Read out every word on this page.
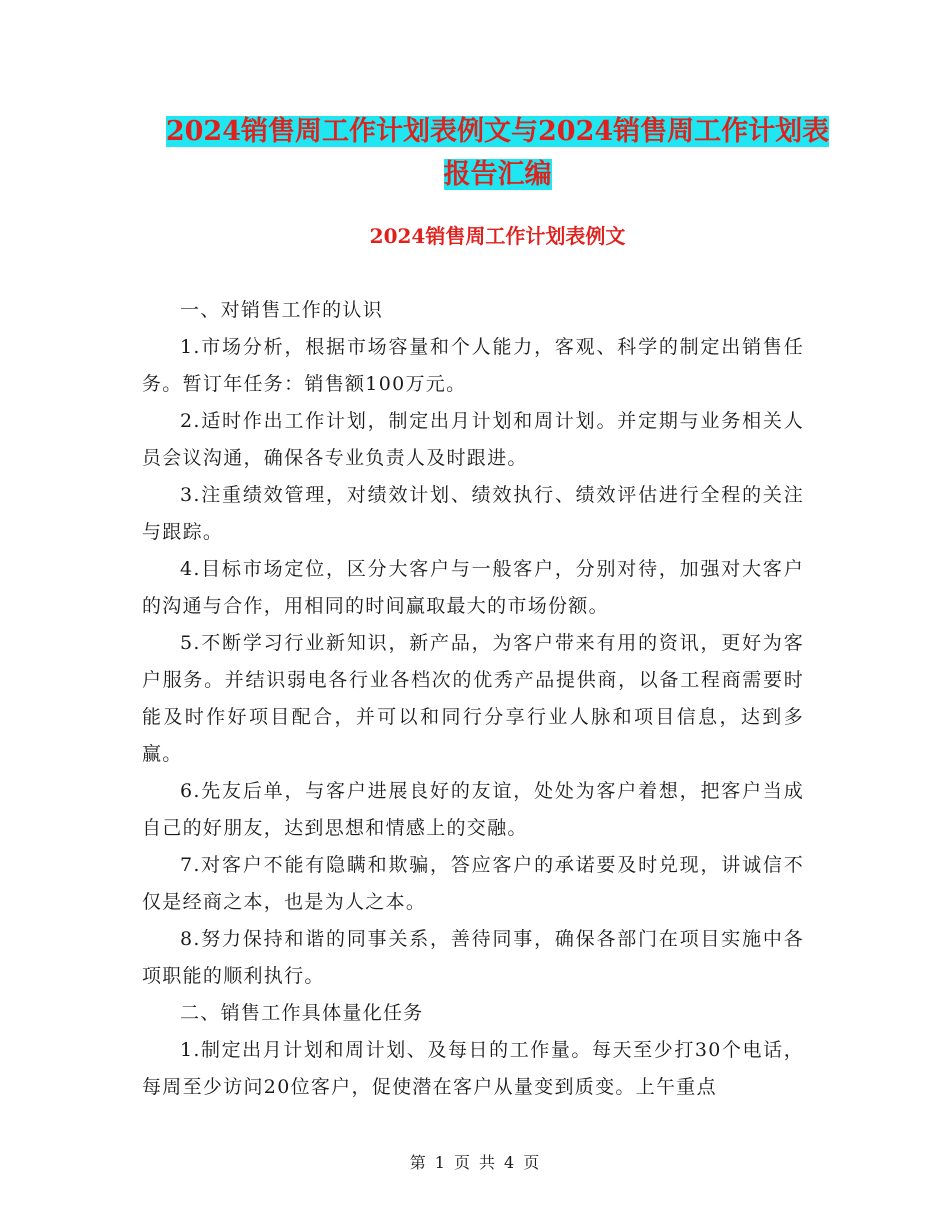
2024销售周工作计划表例文与2024销售周工作计划表
报告汇编
2024销售周工作计划表例文

一、对销售工作的认识

1.市场分析，根据市场容量和个人能力，客观、科学的制定出销售任务。暂订年任务：销售额100万元。

2.适时作出工作计划，制定出月计划和周计划。并定期与业务相关人员会议沟通，确保各专业负责人及时跟进。

3.注重绩效管理，对绩效计划、绩效执行、绩效评估进行全程的关注与跟踪。

4.目标市场定位，区分大客户与一般客户，分别对待，加强对大客户的沟通与合作，用相同的时间赢取最大的市场份额。

5.不断学习行业新知识，新产品，为客户带来有用的资讯，更好为客户服务。并结识弱电各行业各档次的优秀产品提供商，以备工程商需要时能及时作好项目配合，并可以和同行分享行业人脉和项目信息，达到多赢。

6.先友后单，与客户进展良好的友谊，处处为客户着想，把客户当成自己的好朋友，达到思想和情感上的交融。

7.对客户不能有隐瞒和欺骗，答应客户的承诺要及时兑现，讲诚信不仅是经商之本，也是为人之本。

8.努力保持和谐的同事关系，善待同事，确保各部门在项目实施中各项职能的顺利执行。

二、销售工作具体量化任务

1.制定出月计划和周计划、及每日的工作量。每天至少打30个电话，每周至少访问20位客户，促使潜在客户从量变到质变。上午重点

第 1 页 共 4 页
